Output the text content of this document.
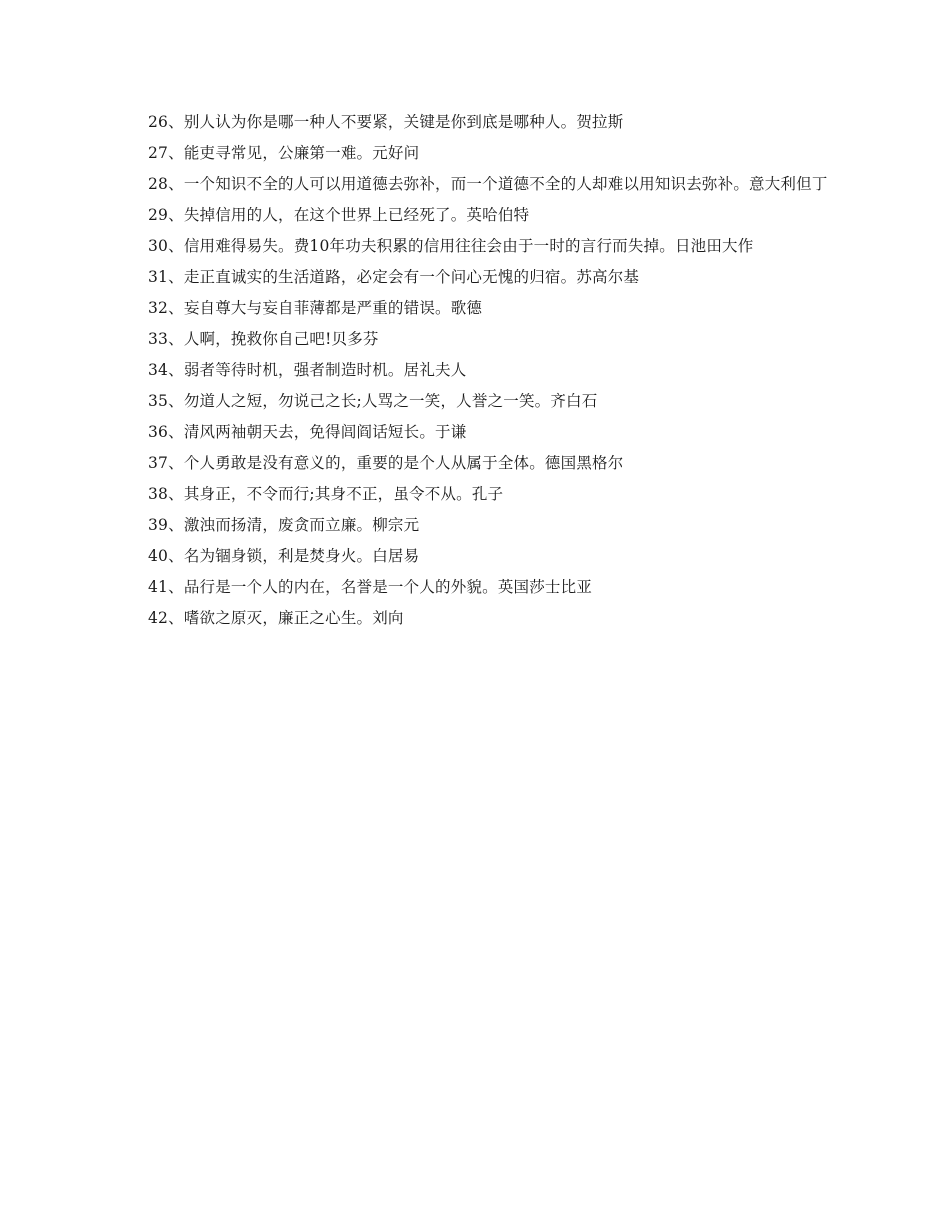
26、别人认为你是哪一种人不要紧，关键是你到底是哪种人。贺拉斯

27、能吏寻常见，公廉第一难。元好问

28、一个知识不全的人可以用道德去弥补，而一个道德不全的人却难以用知识去弥补。意大利但丁

29、失掉信用的人，在这个世界上已经死了。英哈伯特

30、信用难得易失。费10年功夫积累的信用往往会由于一时的言行而失掉。日池田大作

31、走正直诚实的生活道路，必定会有一个问心无愧的归宿。苏高尔基

32、妄自尊大与妄自菲薄都是严重的错误。歌德

33、人啊，挽救你自己吧!贝多芬

34、弱者等待时机，强者制造时机。居礼夫人

35、勿道人之短，勿说己之长;人骂之一笑，人誉之一笑。齐白石

36、清风两袖朝天去，免得闾阎话短长。于谦

37、个人勇敢是没有意义的，重要的是个人从属于全体。德国黑格尔

38、其身正，不令而行;其身不正，虽令不从。孔子

39、激浊而扬清，废贪而立廉。柳宗元

40、名为锢身锁，利是焚身火。白居易

41、品行是一个人的内在，名誉是一个人的外貌。英国莎士比亚

42、嗜欲之原灭，廉正之心生。刘向
